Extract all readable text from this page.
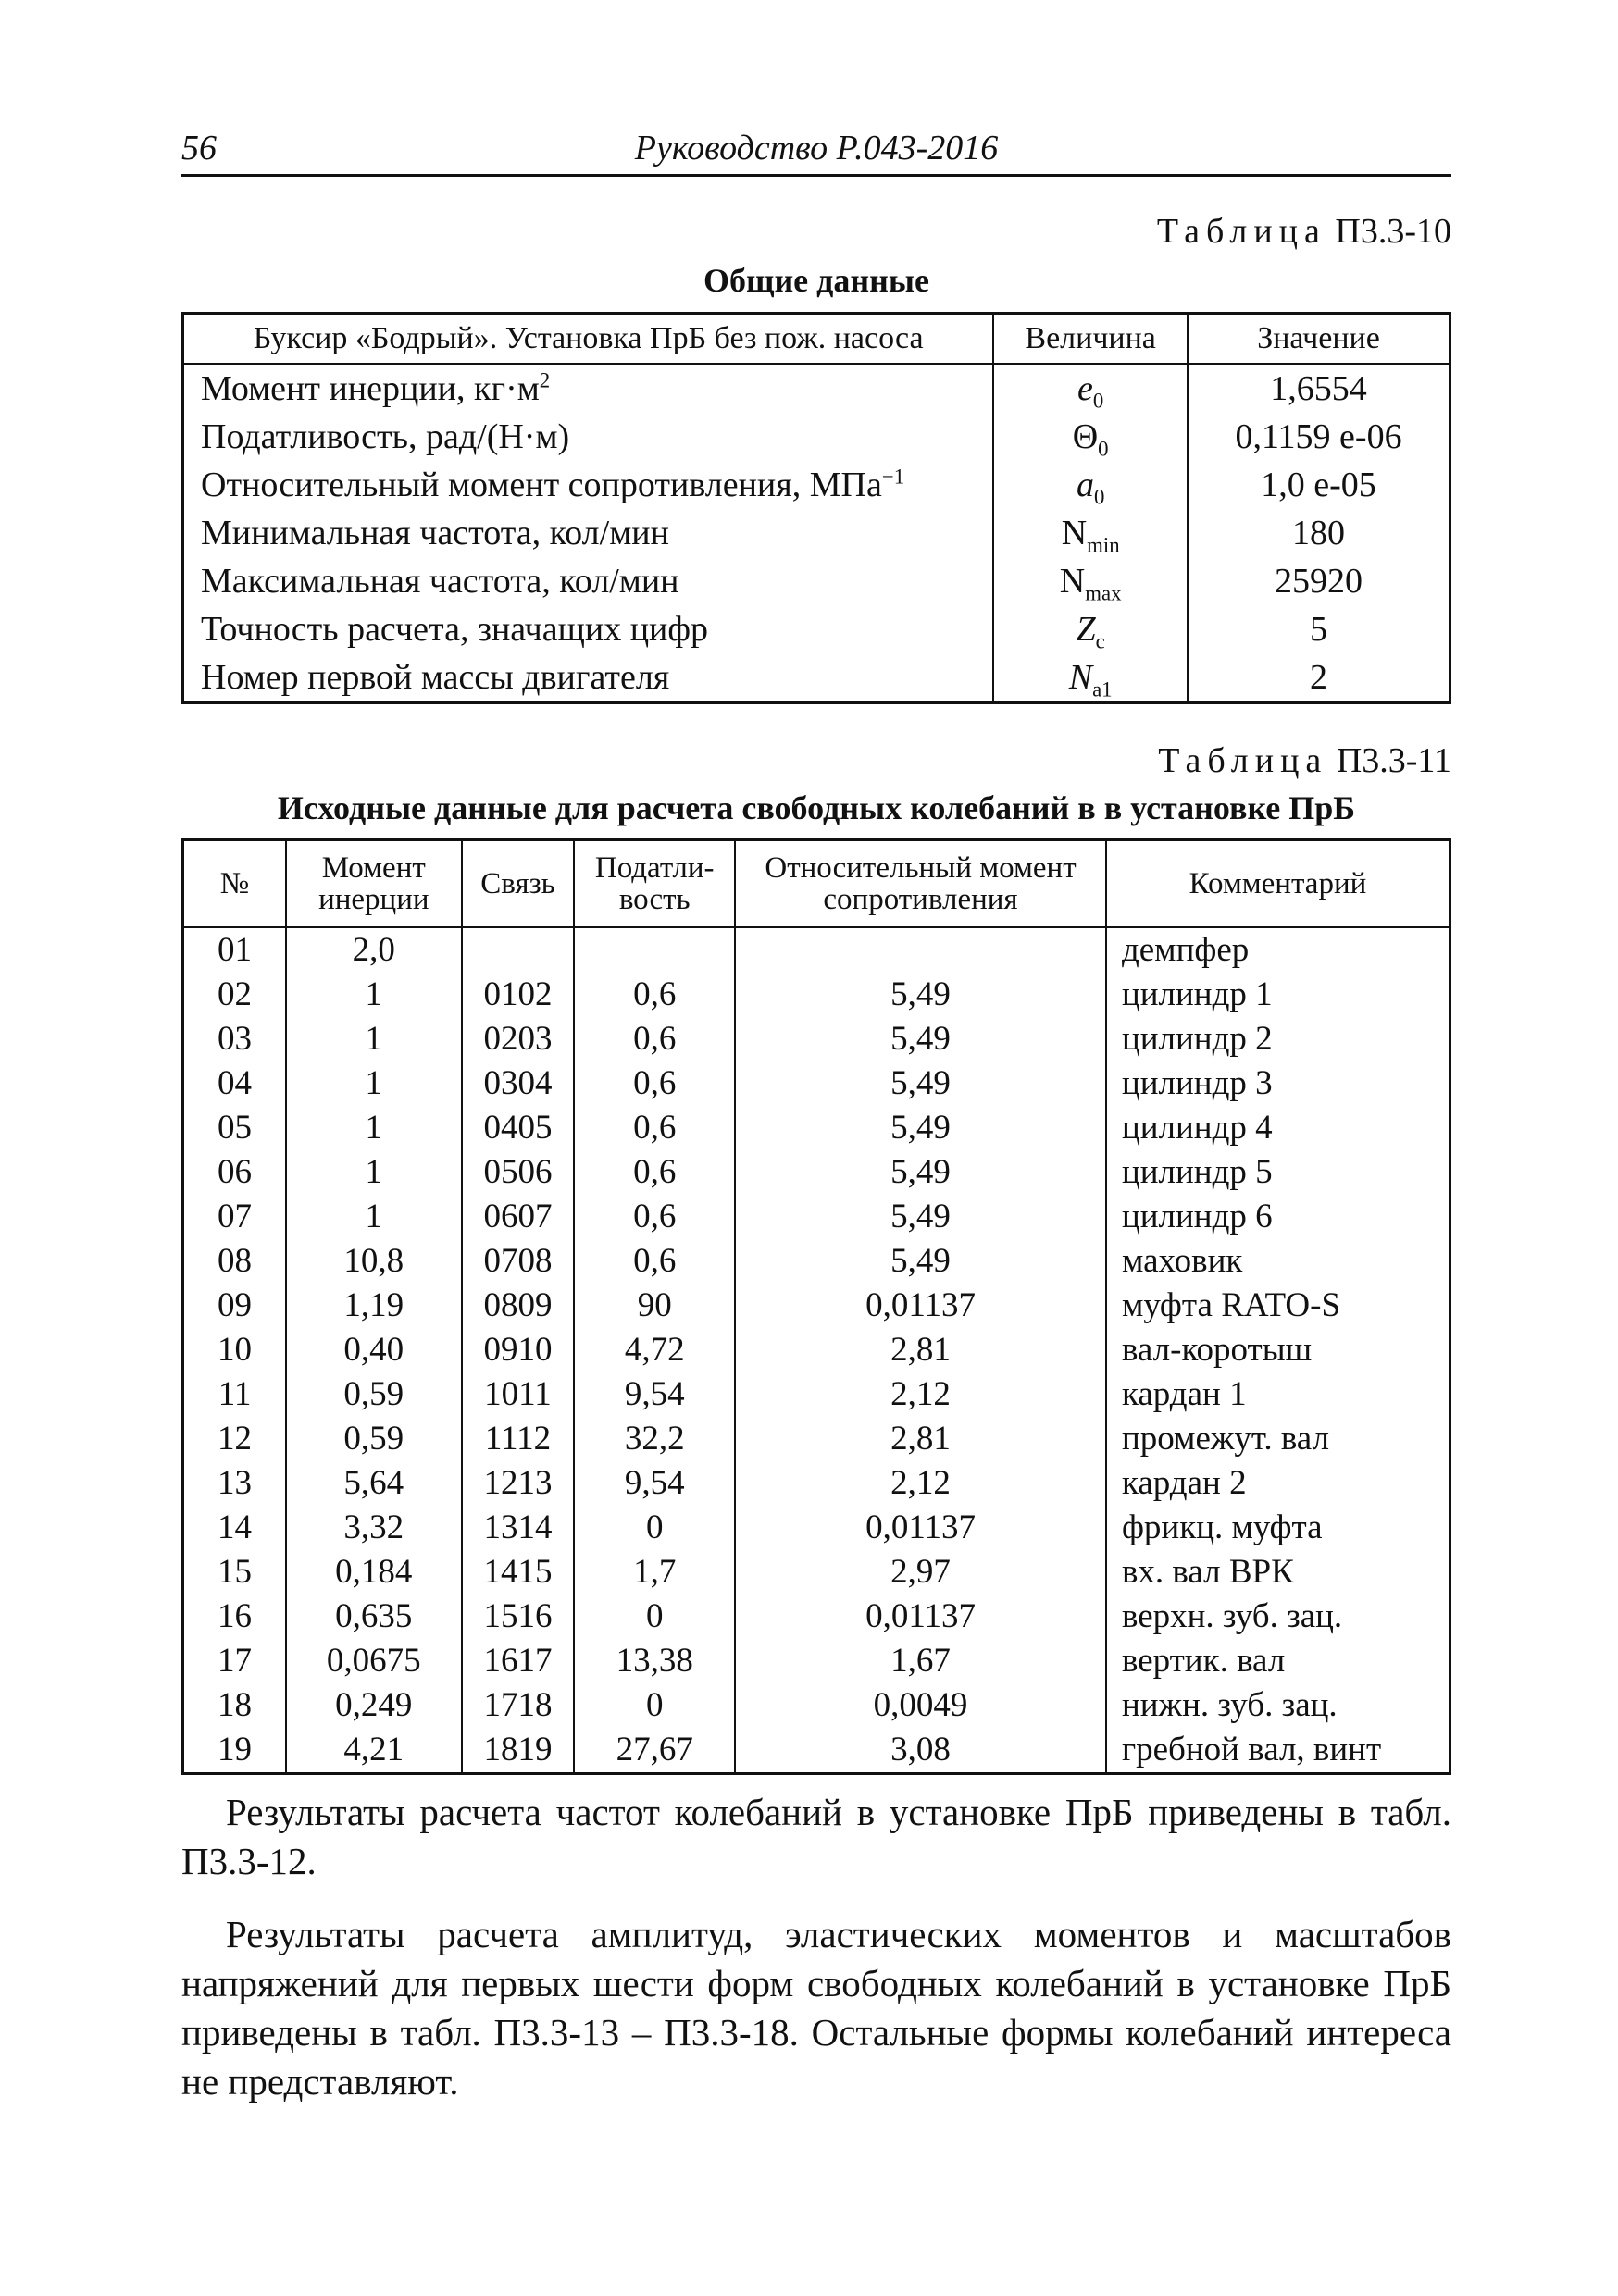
56	Руководство Р.043-2016
Таблица П3.3-10
Общие данные
Буксир «Бодрый». Установка ПрБ без пож. насоса	Величина	Значение
Момент инерции, $кг\cdot м^2$	$e_0$	1,6554
Податливость, рад/(Н·м)	$\Theta_0$	0,1159 е-06
Относительный момент сопротивления, МПа$^{-1}$	$a_0$	1,0 е-05
Минимальная частота, кол/мин	$N_{min}$	180
Максимальная частота, кол/мин	$N_{max}$	25920
Точность расчета, значащих цифр	$Z_c$	5
Номер первой массы двигателя	$N_{a1}$	2
Таблица П3.3-11
Исходные данные для расчета свободных колебаний в в установке ПрБ
№	Момент инерции	Связь	Податли-вость	Относительный момент сопротивления	Комментарий
01	2,0				демпфер
02	1	0102	0,6	5,49	цилиндр 1
03	1	0203	0,6	5,49	цилиндр 2
04	1	0304	0,6	5,49	цилиндр 3
05	1	0405	0,6	5,49	цилиндр 4
06	1	0506	0,6	5,49	цилиндр 5
07	1	0607	0,6	5,49	цилиндр 6
08	10,8	0708	0,6	5,49	маховик
09	1,19	0809	90	0,01137	муфта RATO-S
10	0,40	0910	4,72	2,81	вал-коротыш
11	0,59	1011	9,54	2,12	кардан 1
12	0,59	1112	32,2	2,81	промежут. вал
13	5,64	1213	9,54	2,12	кардан 2
14	3,32	1314	0	0,01137	фрикц. муфта
15	0,184	1415	1,7	2,97	вх. вал ВРК
16	0,635	1516	0	0,01137	верхн. зуб. зац.
17	0,0675	1617	13,38	1,67	вертик. вал
18	0,249	1718	0	0,0049	нижн. зуб. зац.
19	4,21	1819	27,67	3,08	гребной вал, винт

Результаты расчета частот колебаний в установке ПрБ приведены в табл. П3.3-12.

Результаты расчета амплитуд, эластических моментов и масштабов напряжений для первых шести форм свободных колебаний в установке ПрБ приведены в табл. П3.3-13 – П3.3-18. Остальные формы колебаний интереса не представляют.
